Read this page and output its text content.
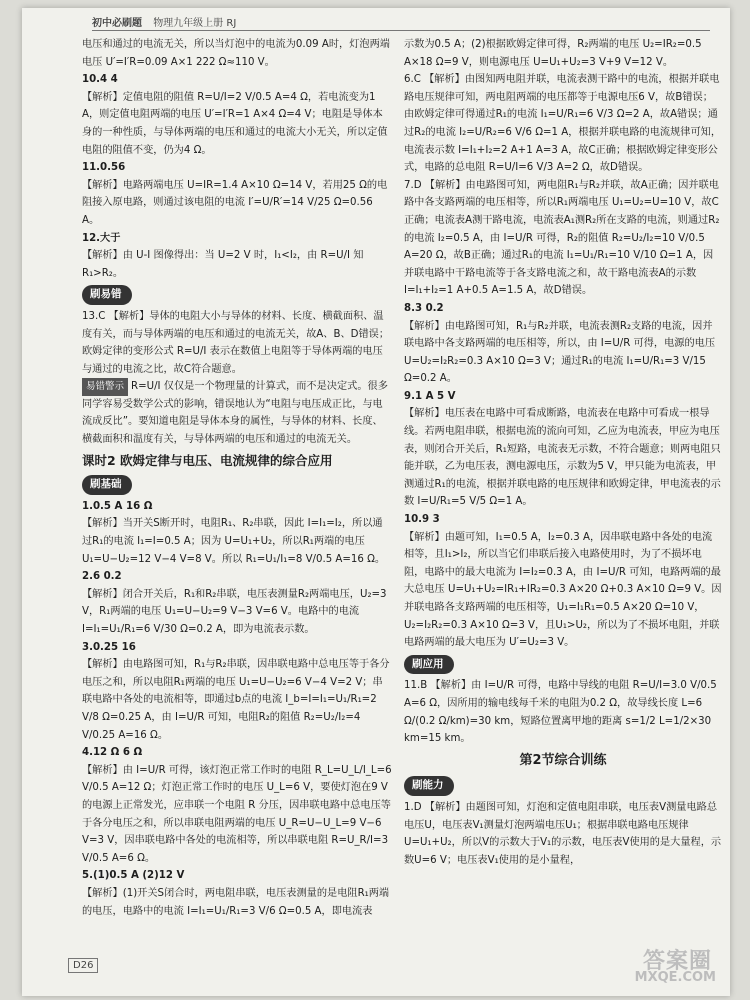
初中必刷题 物理九年级上册 RJ
电压和通过的电流无关，所以当灯泡中的电流为0.09 A时，灯泡两端电压 U′=I′R=0.09 A×1 222 Ω≈110 V。
10.4 4
【解析】定值电阻的阻值 R=U/I=2 V/0.5 A=4 Ω，若电流变为1 A，则定值电阻两端的电压 U′=I′R=1 A×4 Ω=4 V；电阻是导体本身的一种性质，与导体两端的电压和通过的电流大小无关，所以定值电阻的阻值不变，仍为4 Ω。
11.0.56
【解析】电路两端电压 U=IR=1.4 A×10 Ω=14 V，若用25 Ω的电阻接入原电路，则通过该电阻的电流 I′=U/R′=14 V/25 Ω=0.56 A。
12.大于
【解析】由 U-I 图像得出：当 U=2 V 时，I₁<I₂，由 R=U/I 知 R₁>R₂。
刷易错
13.C 【解析】导体的电阻大小与导体的材料、长度、横截面积、温度有关，而与导体两端的电压和通过的电流无关，故A、B、D错误；欧姆定律的变形公式 R=U/I 表示在数值上电阻等于导体两端的电压与通过的电流之比，故C符合题意。
易错警示 R=U/I 仅仅是一个物理量的计算式，而不是决定式。很多同学容易受数学公式的影响，错误地认为“电阻与电压成正比，与电流成反比”。要知道电阻是导体本身的属性，与导体的材料、长度、横截面积和温度有关，与导体两端的电压和通过的电流无关。
课时2 欧姆定律与电压、电流规律的综合应用
刷基础
1.0.5 A 16 Ω
【解析】当开关S断开时，电阻R₁、R₂串联，因此 I=I₁=I₂，所以通过R₁的电流 I₁=I=0.5 A；因为 U=U₁+U₂，所以R₁两端的电压 U₁=U−U₂=12 V−4 V=8 V。所以 R₁=U₁/I₁=8 V/0.5 A=16 Ω。
2.6 0.2
【解析】闭合开关后，R₁和R₂串联，电压表测量R₂两端电压，U₂=3 V，R₁两端的电压 U₁=U−U₂=9 V−3 V=6 V。电路中的电流 I=I₁=U₁/R₁=6 V/30 Ω=0.2 A，即为电流表示数。
3.0.25 16
【解析】由电路图可知，R₁与R₂串联，因串联电路中总电压等于各分电压之和，所以电阻R₁两端的电压 U₁=U−U₂=6 V−4 V=2 V；串联电路中各处的电流相等，即通过b点的电流 I_b=I=I₁=U₁/R₁=2 V/8 Ω=0.25 A，由 I=U/R 可知，电阻R₂的阻值 R₂=U₂/I₂=4 V/0.25 A=16 Ω。
4.12 Ω 6 Ω
【解析】由 I=U/R 可得，该灯泡正常工作时的电阻 R_L=U_L/I_L=6 V/0.5 A=12 Ω；灯泡正常工作时的电压 U_L=6 V，要使灯泡在9 V的电源上正常发光，应串联一个电阻 R 分压，因串联电路中总电压等于各分电压之和，所以串联电阻两端的电压 U_R=U−U_L=9 V−6 V=3 V，因串联电路中各处的电流相等，所以串联电阻 R=U_R/I=3 V/0.5 A=6 Ω。
5.(1)0.5 A (2)12 V
【解析】(1)开关S闭合时，两电阻串联，电压表测量的是电阻R₁两端的电压，电路中的电流 I=I₁=U₁/R₁=3 V/6 Ω=0.5 A，即电流表
示数为0.5 A；(2)根据欧姆定律可得，R₂两端的电压 U₂=IR₂=0.5 A×18 Ω=9 V，则电源电压 U=U₁+U₂=3 V+9 V=12 V。
6.C 【解析】由图知两电阻并联，电流表测干路中的电流，根据并联电路电压规律可知，两电阻两端的电压都等于电源电压6 V，故B错误；由欧姆定律可得通过R₁的电流 I₁=U/R₁=6 V/3 Ω=2 A，故A错误；通过R₂的电流 I₂=U/R₂=6 V/6 Ω=1 A，根据并联电路的电流规律可知，电流表示数 I=I₁+I₂=2 A+1 A=3 A，故C正确；根据欧姆定律变形公式，电路的总电阻 R=U/I=6 V/3 A=2 Ω，故D错误。
7.D 【解析】由电路图可知，两电阻R₁与R₂并联，故A正确；因并联电路中各支路两端的电压相等，所以R₁两端电压 U₁=U₂=U=10 V，故C正确；电流表A测干路电流，电流表A₁测R₂所在支路的电流，则通过R₂的电流 I₂=0.5 A，由 I=U/R 可得，R₂的阻值 R₂=U₂/I₂=10 V/0.5 A=20 Ω，故B正确；通过R₁的电流 I₁=U₁/R₁=10 V/10 Ω=1 A，因并联电路中干路电流等于各支路电流之和，故干路电流表A的示数 I=I₁+I₂=1 A+0.5 A=1.5 A，故D错误。
8.3 0.2
【解析】由电路图可知，R₁与R₂并联，电流表测R₂支路的电流，因并联电路中各支路两端的电压相等，所以，由 I=U/R 可得，电源的电压 U=U₂=I₂R₂=0.3 A×10 Ω=3 V；通过R₁的电流 I₁=U/R₁=3 V/15 Ω=0.2 A。
9.1 A 5 V
【解析】电压表在电路中可看成断路，电流表在电路中可看成一根导线。若两电阻串联，根据电流的流向可知，乙应为电流表，甲应为电压表，则闭合开关后，R₁短路，电流表无示数，不符合题意；则两电阻只能并联，乙为电压表，测电源电压，示数为5 V，甲只能为电流表，甲测通过R₁的电流，根据并联电路的电压规律和欧姆定律，甲电流表的示数 I=U/R₁=5 V/5 Ω=1 A。
10.9 3
【解析】由题可知，I₁=0.5 A，I₂=0.3 A，因串联电路中各处的电流相等，且I₁>I₂，所以当它们串联后接入电路使用时，为了不损坏电阻，电路中的最大电流为 I=I₂=0.3 A，由 I=U/R 可知，电路两端的最大总电压 U=U₁+U₂=IR₁+IR₂=0.3 A×20 Ω+0.3 A×10 Ω=9 V。因并联电路各支路两端的电压相等，U₁=I₁R₁=0.5 A×20 Ω=10 V，U₂=I₂R₂=0.3 A×10 Ω=3 V，且U₁>U₂，所以为了不损坏电阻，并联电路两端的最大电压为 U′=U₂=3 V。
刷应用
11.B 【解析】由 I=U/R 可得，电路中导线的电阻 R=U/I=3.0 V/0.5 A=6 Ω，因所用的输电线每千米的电阻为0.2 Ω，故导线长度 L=6 Ω/(0.2 Ω/km)=30 km，短路位置离甲地的距离 s=1/2 L=1/2×30 km=15 km。
第2节综合训练
刷能力
1.D 【解析】由题图可知，灯泡和定值电阻串联，电压表V测量电路总电压U，电压表V₁测量灯泡两端电压U₁；根据串联电路电压规律 U=U₁+U₂，所以V的示数大于V₁的示数，电压表V使用的是大量程，示数U=6 V；电压表V₁使用的是小量程，
D26	答案圈
MXQE.COM
